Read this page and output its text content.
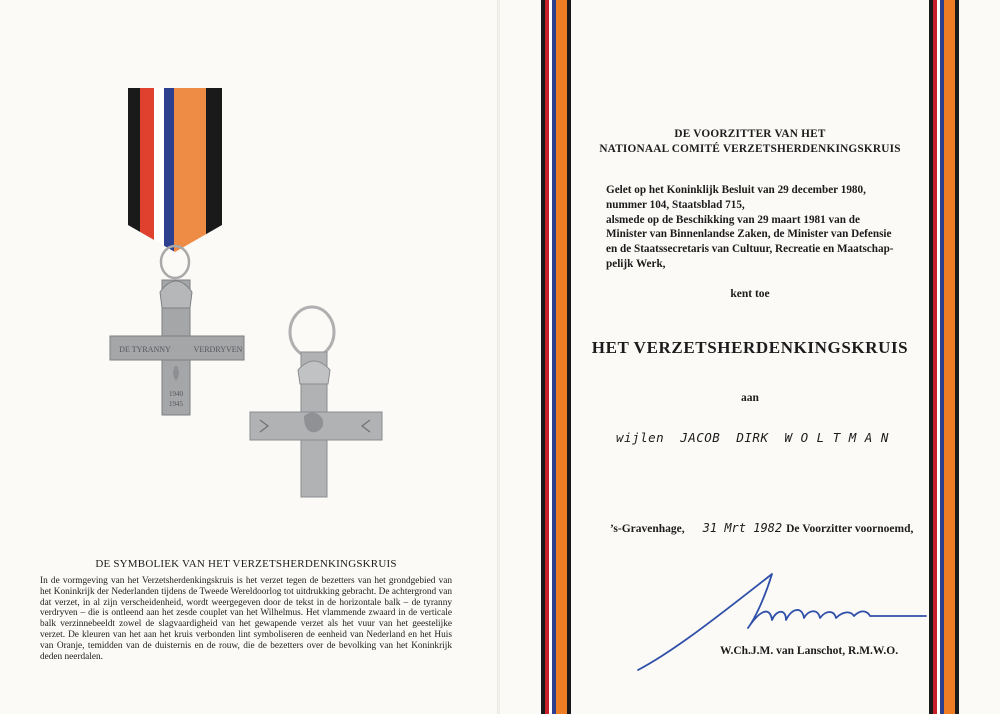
DE TYRANNY	VERDRYVEN
1940
1945
DE SYMBOLIEK VAN HET VERZETSHERDENKINGSKRUIS
In de vormgeving van het Verzetsherdenkingskruis is het verzet tegen de bezetters van het grondgebied van het Koninkrijk der Nederlanden tijdens de Tweede Wereldoorlog tot uitdrukking gebracht. De achtergrond van dat verzet, in al zijn verscheidenheid, wordt weergegeven door de tekst in de horizontale balk – de tyranny verdryven – die is ontleend aan het zesde couplet van het Wilhelmus. Het vlammende zwaard in de verticale balk verzinnebeeldt zowel de slagvaardigheid van het gewapende verzet als het vuur van het geestelijke verzet. De kleuren van het aan het kruis verbonden lint symboliseren de eenheid van Nederland en het Huis van Oranje, temidden van de duisternis en de rouw, die de bezetters over de bevolking van het Koninkrijk deden neerdalen.
DE VOORZITTER VAN HET
NATIONAAL COMITÉ VERZETSHERDENKINGSKRUIS
Gelet op het Koninklijk Besluit van 29 december 1980,
nummer 104, Staatsblad 715,
alsmede op de Beschikking van 29 maart 1981 van de
Minister van Binnenlandse Zaken, de Minister van Defensie
en de Staatssecretaris van Cultuur, Recreatie en Maatschap-
pelijk Werk,
kent toe
HET VERZETSHERDENKINGSKRUIS
aan
wijlen  JACOB  DIRK  W O L T M A N
’s-Gravenhage, 31 Mrt 1982 De Voorzitter voornoemd,
W.Ch.J.M. van Lanschot, R.M.W.O.
